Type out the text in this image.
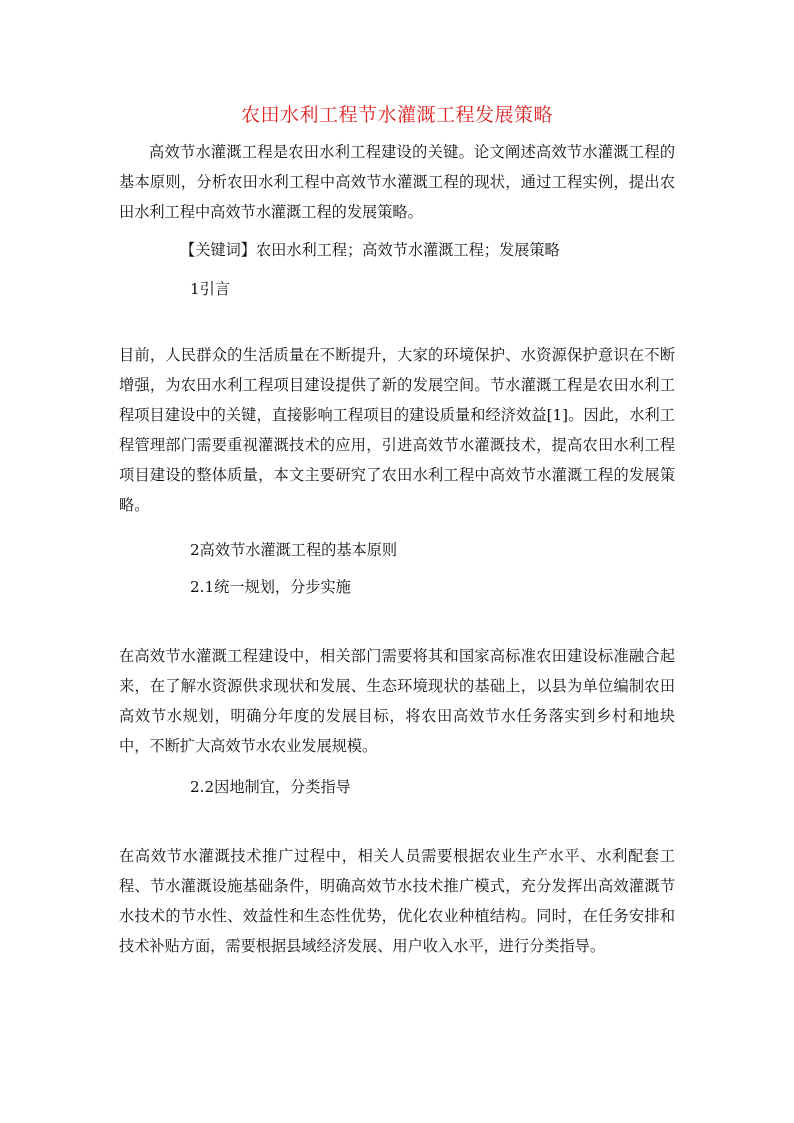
农田水利工程节水灌溉工程发展策略

高效节水灌溉工程是农田水利工程建设的关键。论文阐述高效节水灌溉工程的基本原则，分析农田水利工程中高效节水灌溉工程的现状，通过工程实例，提出农田水利工程中高效节水灌溉工程的发展策略。

【关键词】农田水利工程；高效节水灌溉工程；发展策略
1引言

目前，人民群众的生活质量在不断提升，大家的环境保护、水资源保护意识在不断增强，为农田水利工程项目建设提供了新的发展空间。节水灌溉工程是农田水利工程项目建设中的关键，直接影响工程项目的建设质量和经济效益[1]。因此，水利工程管理部门需要重视灌溉技术的应用，引进高效节水灌溉技术，提高农田水利工程项目建设的整体质量，本文主要研究了农田水利工程中高效节水灌溉工程的发展策略。

2高效节水灌溉工程的基本原则
2.1统一规划，分步实施

在高效节水灌溉工程建设中，相关部门需要将其和国家高标准农田建设标准融合起来，在了解水资源供求现状和发展、生态环境现状的基础上，以县为单位编制农田高效节水规划，明确分年度的发展目标，将农田高效节水任务落实到乡村和地块中，不断扩大高效节水农业发展规模。

2.2因地制宜，分类指导

在高效节水灌溉技术推广过程中，相关人员需要根据农业生产水平、水利配套工程、节水灌溉设施基础条件，明确高效节水技术推广模式，充分发挥出高效灌溉节水技术的节水性、效益性和生态性优势，优化农业种植结构。同时，在任务安排和技术补贴方面，需要根据县域经济发展、用户收入水平，进行分类指导。
